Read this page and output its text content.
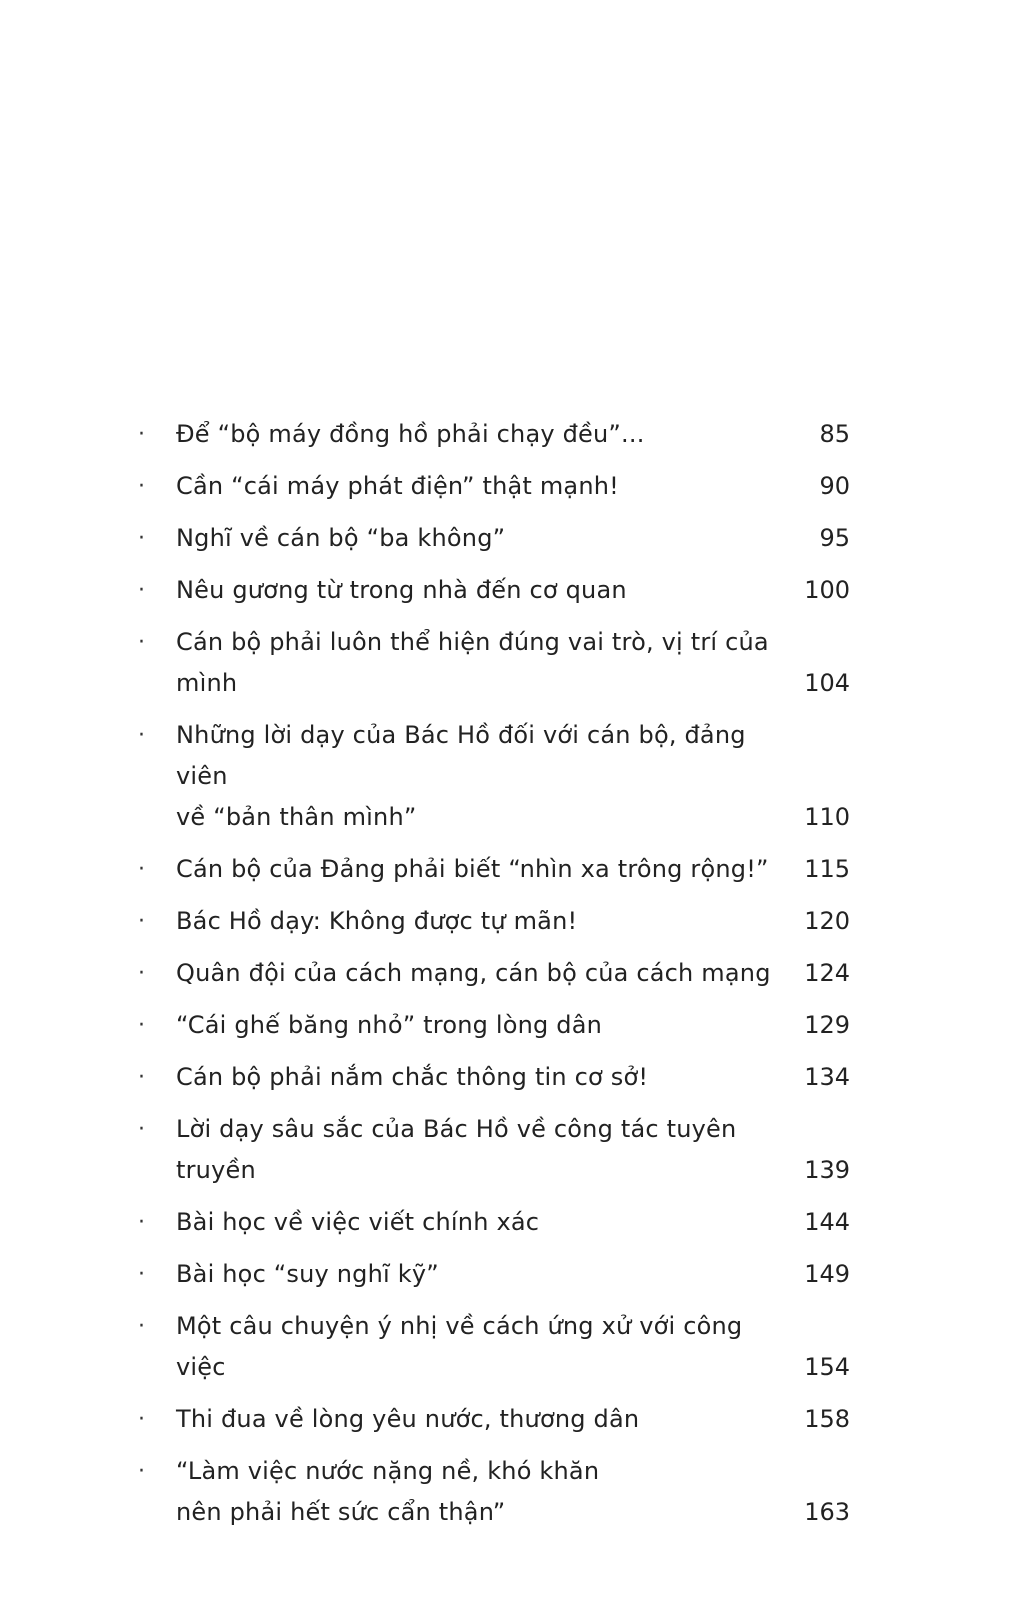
·	Để “bộ máy đồng hồ phải chạy đều”...	85
·	Cần “cái máy phát điện” thật mạnh!	90
·	Nghĩ về cán bộ “ba không”	95
·	Nêu gương từ trong nhà đến cơ quan	100
·	Cán bộ phải luôn thể hiện đúng vai trò, vị trí của mình	104
·	Những lời dạy của Bác Hồ đối với cán bộ, đảng viên
về “bản thân mình”	110
·	Cán bộ của Đảng phải biết “nhìn xa trông rộng!”	115
·	Bác Hồ dạy: Không được tự mãn!	120
·	Quân đội của cách mạng, cán bộ của cách mạng	124
·	“Cái ghế băng nhỏ” trong lòng dân	129
·	Cán bộ phải nắm chắc thông tin cơ sở!	134
·	Lời dạy sâu sắc của Bác Hồ về công tác tuyên truyền	139
·	Bài học về việc viết chính xác	144
·	Bài học “suy nghĩ kỹ”	149
·	Một câu chuyện ý nhị về cách ứng xử với công việc	154
·	Thi đua về lòng yêu nước, thương dân	158
·	“Làm việc nước nặng nề, khó khăn
nên phải hết sức cẩn thận”	163
